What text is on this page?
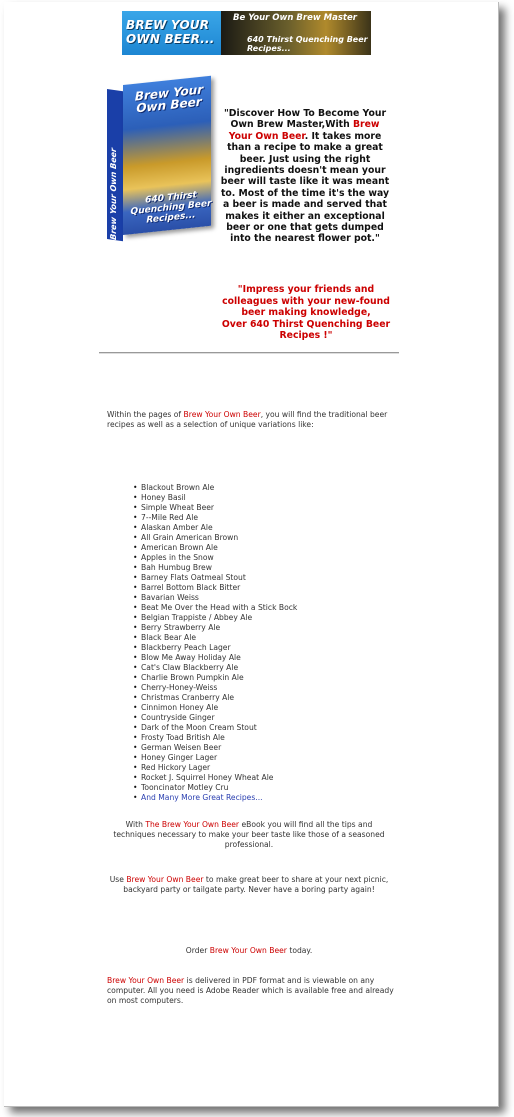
BREW YOUR OWN BEER...
Be Your Own Brew Master
640 Thirst Quenching Beer Recipes...
Brew Your Own Beer
Brew Your Own Beer
640 Thirst Quenching Beer Recipes...
"Discover How To Become Your Own Brew Master,With Brew Your Own Beer. It takes more than a recipe to make a great beer. Just using the right ingredients doesn't mean your beer will taste like it was meant to. Most of the time it's the way a beer is made and served that makes it either an exceptional beer or one that gets dumped into the nearest flower pot."
"Impress your friends and colleagues with your new-found beer making knowledge,
Over 640 Thirst Quenching Beer Recipes !"
Within the pages of Brew Your Own Beer, you will find the traditional beer recipes as well as a selection of unique variations like:
• Blackout Brown Ale
• Honey Basil
• Simple Wheat Beer
• 7--Mile Red Ale
• Alaskan Amber Ale
• All Grain American Brown
• American Brown Ale
• Apples in the Snow
• Bah Humbug Brew
• Barney Flats Oatmeal Stout
• Barrel Bottom Black Bitter
• Bavarian Weiss
• Beat Me Over the Head with a Stick Bock
• Belgian Trappiste / Abbey Ale
• Berry Strawberry Ale
• Black Bear Ale
• Blackberry Peach Lager
• Blow Me Away Holiday Ale
• Cat's Claw Blackberry Ale
• Charlie Brown Pumpkin Ale
• Cherry-Honey-Weiss
• Christmas Cranberry Ale
• Cinnimon Honey Ale
• Countryside Ginger
• Dark of the Moon Cream Stout
• Frosty Toad British Ale
• German Weisen Beer
• Honey Ginger Lager
• Red Hickory Lager
• Rocket J. Squirrel Honey Wheat Ale
• Tooncinator Motley Cru
• And Many More Great Recipes...
With The Brew Your Own Beer eBook you will find all the tips and techniques necessary to make your beer taste like those of a seasoned professional.
Use Brew Your Own Beer to make great beer to share at your next picnic, backyard party or tailgate party. Never have a boring party again!
Order Brew Your Own Beer today.
Brew Your Own Beer is delivered in PDF format and is viewable on any computer. All you need is Adobe Reader which is available free and already on most computers.
